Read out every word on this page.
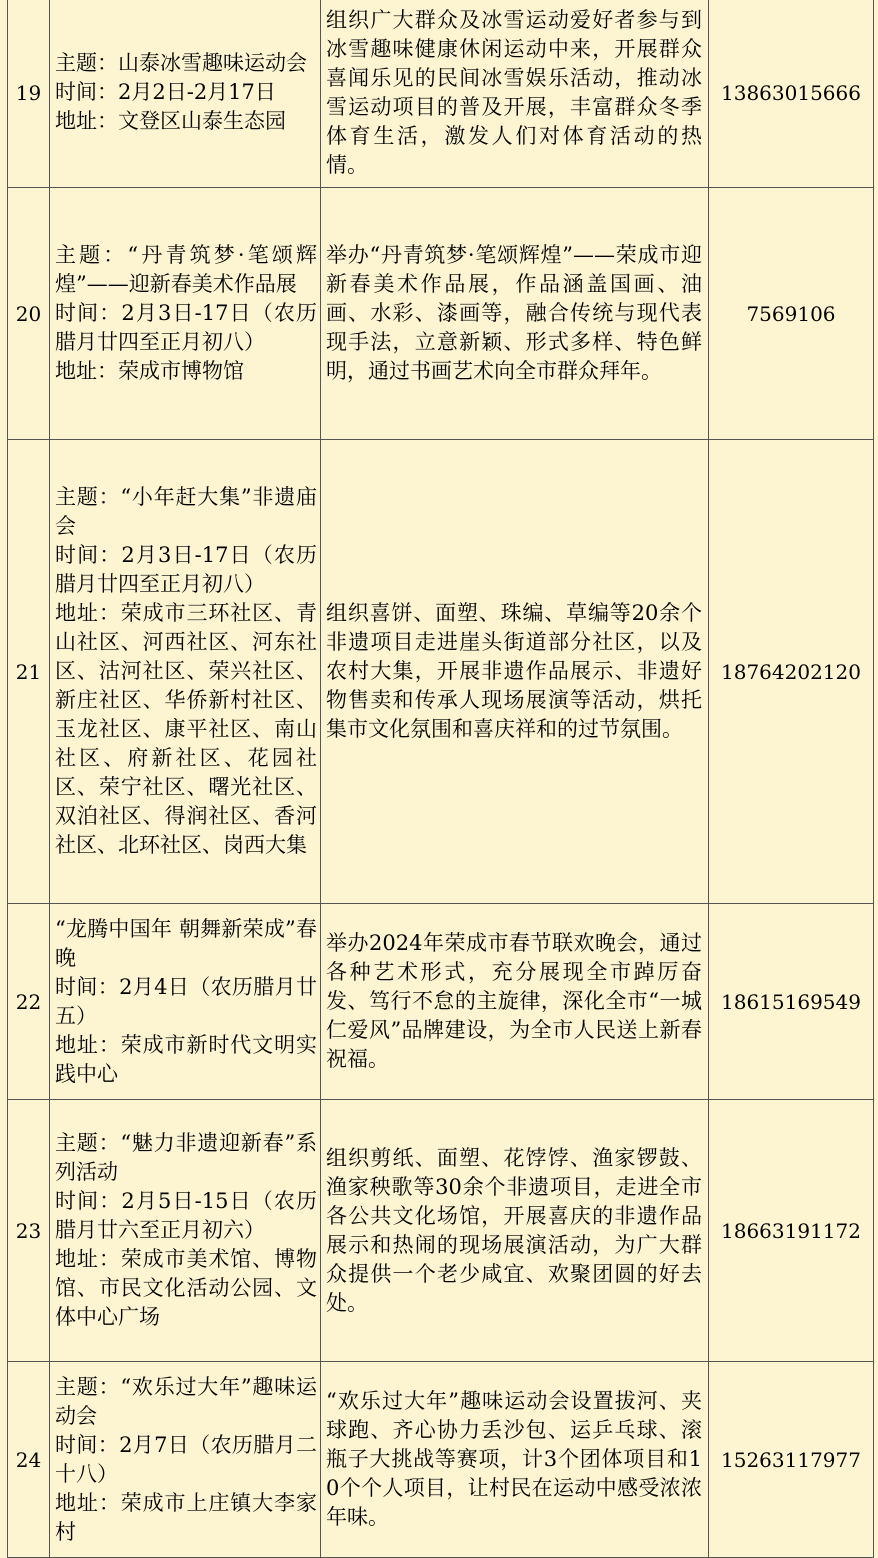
19	主题：山泰冰雪趣味运动会
时间：2月2日-2月17日
地址：文登区山泰生态园	组织广大群众及冰雪运动爱好者参与到冰雪趣味健康休闲运动中来，开展群众喜闻乐见的民间冰雪娱乐活动，推动冰雪运动项目的普及开展，丰富群众冬季体育生活，激发人们对体育活动的热情。	13863015666
20	主题：“丹青筑梦·笔颂辉煌”——迎新春美术作品展
时间：2月3日-17日（农历腊月廿四至正月初八）
地址：荣成市博物馆	举办“丹青筑梦·笔颂辉煌”——荣成市迎新春美术作品展，作品涵盖国画、油画、水彩、漆画等，融合传统与现代表现手法，立意新颖、形式多样、特色鲜明，通过书画艺术向全市群众拜年。	7569106
21	主题：“小年赶大集”非遗庙会
时间：2月3日-17日（农历腊月廿四至正月初八）
地址：荣成市三环社区、青山社区、河西社区、河东社区、沽河社区、荣兴社区、新庄社区、华侨新村社区、玉龙社区、康平社区、南山社区、府新社区、花园社区、荣宁社区、曙光社区、双泊社区、得润社区、香河社区、北环社区、岗西大集	组织喜饼、面塑、珠编、草编等20余个非遗项目走进崖头街道部分社区，以及农村大集，开展非遗作品展示、非遗好物售卖和传承人现场展演等活动，烘托集市文化氛围和喜庆祥和的过节氛围。	18764202120
22	“龙腾中国年 朝舞新荣成”春晚
时间：2月4日（农历腊月廿五）
地址：荣成市新时代文明实践中心	举办2024年荣成市春节联欢晚会，通过各种艺术形式，充分展现全市踔厉奋发、笃行不怠的主旋律，深化全市“一城仁爱风”品牌建设，为全市人民送上新春祝福。	18615169549
23	主题：“魅力非遗迎新春”系列活动
时间：2月5日-15日（农历腊月廿六至正月初六）
地址：荣成市美术馆、博物馆、市民文化活动公园、文体中心广场	组织剪纸、面塑、花饽饽、渔家锣鼓、渔家秧歌等30余个非遗项目，走进全市各公共文化场馆，开展喜庆的非遗作品展示和热闹的现场展演活动，为广大群众提供一个老少咸宜、欢聚团圆的好去处。	18663191172
24	主题：“欢乐过大年”趣味运动会
时间：2月7日（农历腊月二十八）
地址：荣成市上庄镇大李家村	“欢乐过大年”趣味运动会设置拔河、夹球跑、齐心协力丢沙包、运乒乓球、滚瓶子大挑战等赛项，计3个团体项目和10个个人项目，让村民在运动中感受浓浓年味。	15263117977
